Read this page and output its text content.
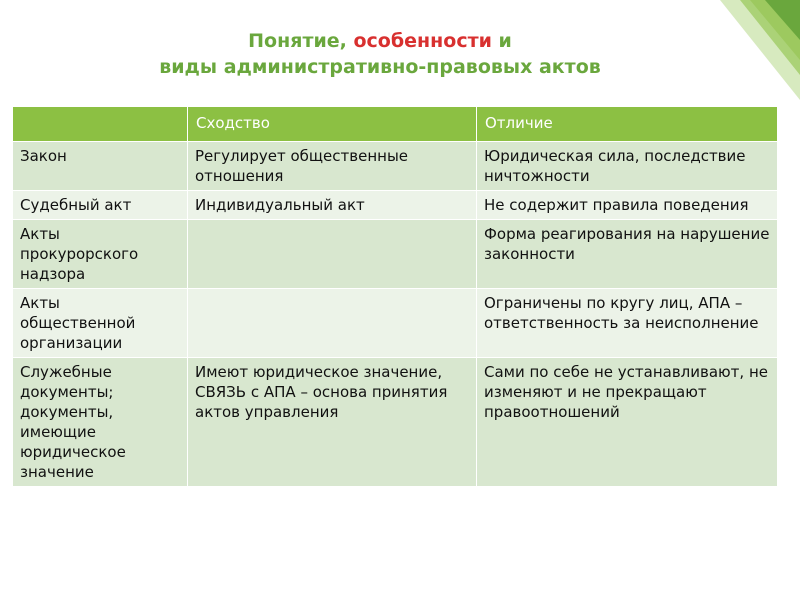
Понятие, особенности и
виды административно-правовых актов
	Сходство	Отличие
Закон	Регулирует общественные отношения	Юридическая сила, последствие ничтожности
Судебный акт	Индивидуальный акт	Не содержит правила поведения
Акты прокурорского надзора		Форма реагирования на нарушение законности
Акты общественной организации		Ограничены по кругу лиц, АПА –ответственность за неисполнение
Служебные документы; документы, имеющие юридическое значение	Имеют юридическое значение, СВЯЗЬ с АПА – основа принятия актов управления	Сами по себе не устанавливают, не изменяют и не прекращают правоотношений
